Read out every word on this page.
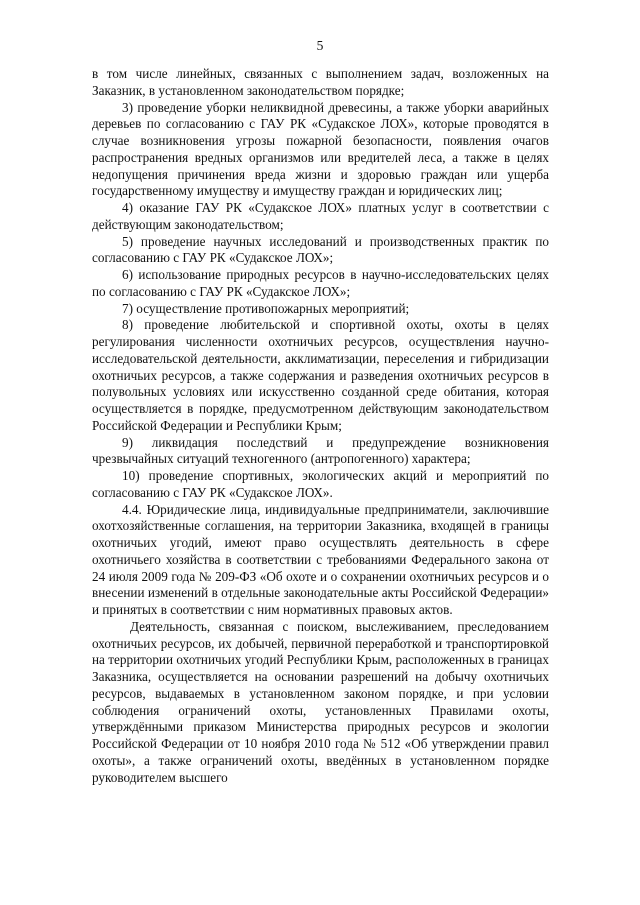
5

в том числе линейных, связанных с выполнением задач, возложенных на Заказник, в установленном законодательством порядке;

3) проведение уборки неликвидной древесины, а также уборки аварийных деревьев по согласованию с ГАУ РК «Судакское ЛОХ», которые проводятся в случае возникновения угрозы пожарной безопасности, появления очагов распространения вредных организмов или вредителей леса, а также в целях недопущения причинения вреда жизни и здоровью граждан или ущерба государственному имуществу и имуществу граждан и юридических лиц;

4) оказание ГАУ РК «Судакское ЛОХ» платных услуг в соответствии с действующим законодательством;

5) проведение научных исследований и производственных практик по согласованию с ГАУ РК «Судакское ЛОХ»;

6) использование природных ресурсов в научно-исследовательских целях по согласованию с ГАУ РК «Судакское ЛОХ»;

7) осуществление противопожарных мероприятий;

8) проведение любительской и спортивной охоты, охоты в целях регулирования численности охотничьих ресурсов, осуществления научно-исследовательской деятельности, акклиматизации, переселения и гибридизации охотничьих ресурсов, а также содержания и разведения охотничьих ресурсов в полувольных условиях или искусственно созданной среде обитания, которая осуществляется в порядке, предусмотренном действующим законодательством Российской Федерации и Республики Крым;

9) ликвидация последствий и предупреждение возникновения чрезвычайных ситуаций техногенного (антропогенного) характера;

10) проведение спортивных, экологических акций и мероприятий по согласованию с ГАУ РК «Судакское ЛОХ».

4.4. Юридические лица, индивидуальные предприниматели, заключившие охотхозяйственные соглашения, на территории Заказника, входящей в границы охотничьих угодий, имеют право осуществлять деятельность в сфере охотничьего хозяйства в соответствии с требованиями Федерального закона от 24 июля 2009 года № 209-ФЗ «Об охоте и о сохранении охотничьих ресурсов и о внесении изменений в отдельные законодательные акты Российской Федерации» и принятых в соответствии с ним нормативных правовых актов.

Деятельность, связанная с поиском, выслеживанием, преследованием охотничьих ресурсов, их добычей, первичной переработкой и транспортировкой на территории охотничьих угодий Республики Крым, расположенных в границах Заказника, осуществляется на основании разрешений на добычу охотничьих ресурсов, выдаваемых в установленном законом порядке, и при условии соблюдения ограничений охоты, установленных Правилами охоты, утверждёнными приказом Министерства природных ресурсов и экологии Российской Федерации от 10 ноября 2010 года № 512 «Об утверждении правил охоты», а также ограничений охоты, введённых в установленном порядке руководителем высшего
